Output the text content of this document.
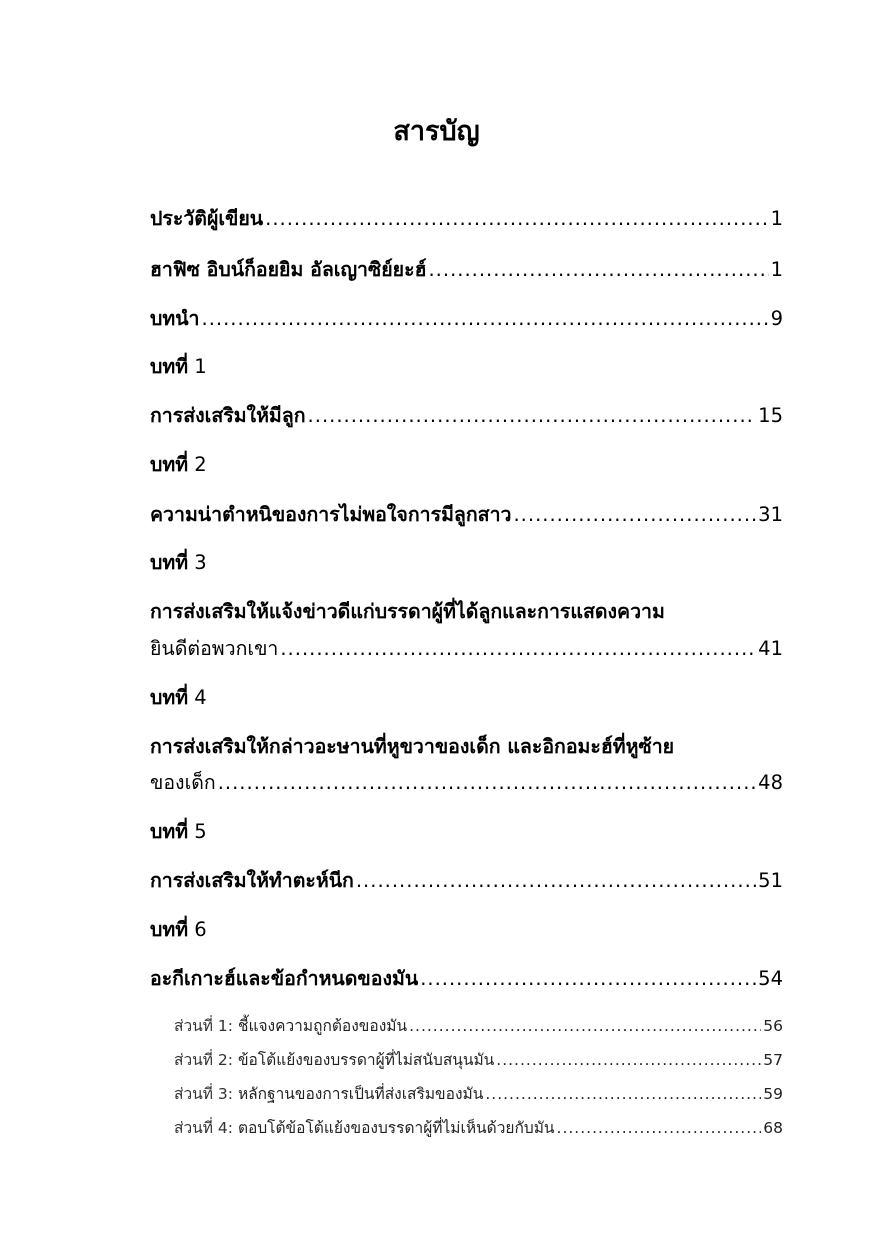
สารบัญ
ประวัติผู้เขียน .....	1
ฮาฟิซ อิบน์ก็อยยิม อัลเญาซิย์ยะฮ์ .....	1
บทนำ .....	9
บทที่ 1
การส่งเสริมให้มีลูก .....	15
บทที่ 2
ความน่าตำหนิของการไม่พอใจการมีลูกสาว .....	31
บทที่ 3
การส่งเสริมให้แจ้งข่าวดีแก่บรรดาผู้ที่ได้ลูกและการแสดงความ
ยินดีต่อพวกเขา .....	41
บทที่ 4
การส่งเสริมให้กล่าวอะษานที่หูขวาของเด็ก และอิกอมะฮ์ที่หูซ้าย
ของเด็ก .....	48
บทที่ 5
การส่งเสริมให้ทำตะห์นีก .....	51
บทที่ 6
อะกีเกาะฮ์และข้อกำหนดของมัน .....	54
ส่วนที่ 1: ชี้แจงความถูกต้องของมัน .....	56
ส่วนที่ 2: ข้อโต้แย้งของบรรดาผู้ที่ไม่สนับสนุนมัน .....	57
ส่วนที่ 3: หลักฐานของการเป็นที่ส่งเสริมของมัน .....	59
ส่วนที่ 4: ตอบโต้ข้อโต้แย้งของบรรดาผู้ที่ไม่เห็นด้วยกับมัน .....	68
